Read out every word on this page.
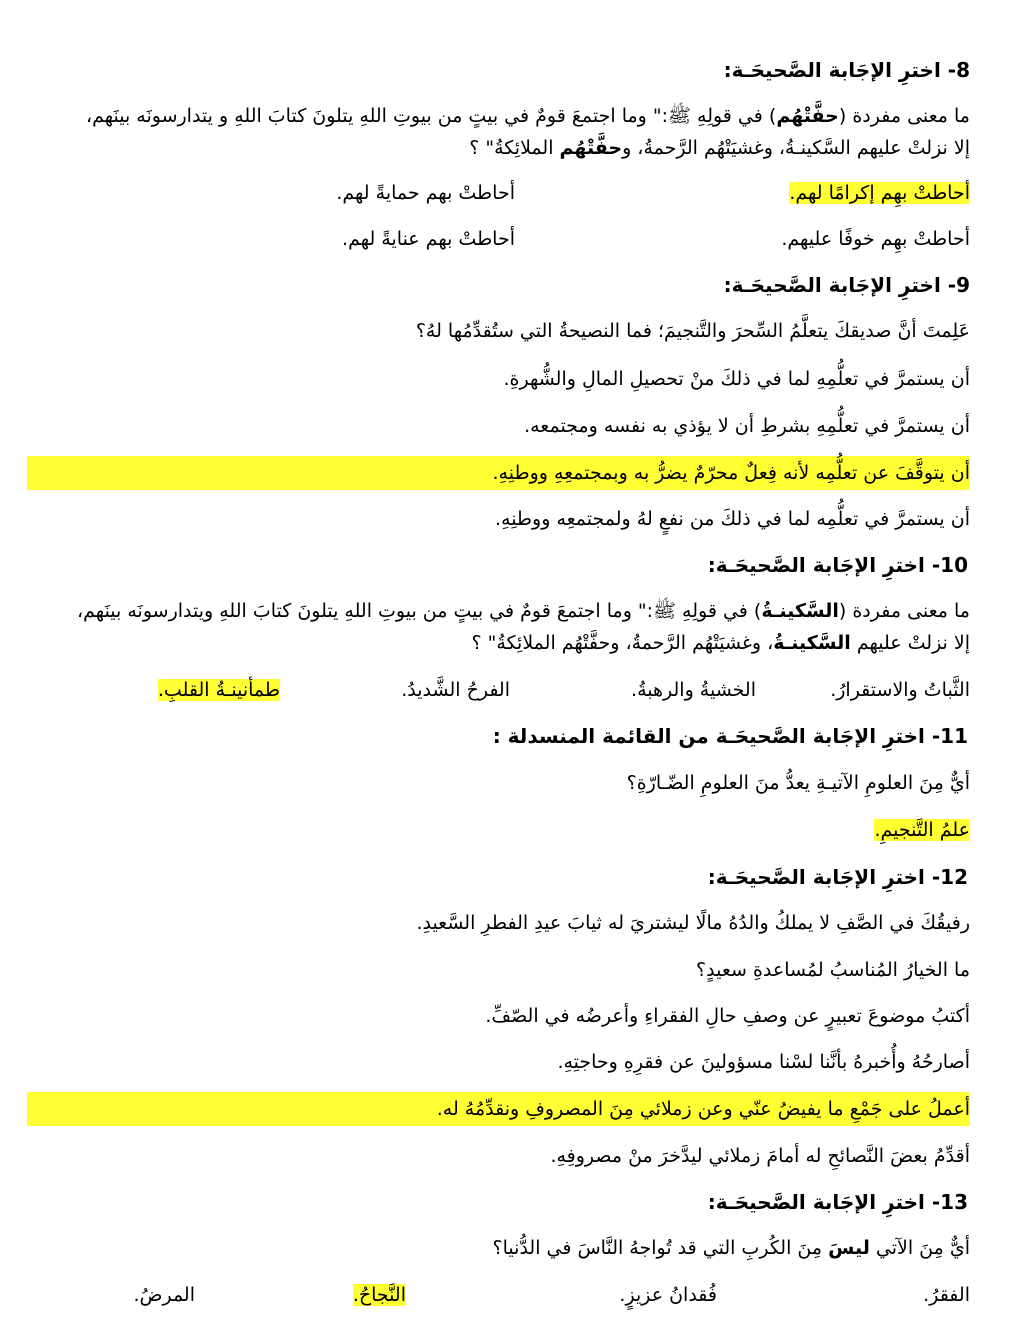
8- اخترِ الإجَابة الصَّحيحَـة:
ما معنى مفردة (حفَّتْهُم) في قولِهِ ﷺ:" وما اجتمعَ قومٌ في بيتٍ من بيوتِ اللهِ يتلونَ كتابَ اللهِ و يتدارسونَه بينَهم،
إلا نزلتْ عليهم السَّكينـةُ، وغشيَتْهُم الرَّحمةُ، وحفَّتْهُم الملائِكةُ" ؟
أحاطتْ بهِم إكرامًا لهم.
أحاطتْ بهم حمايةً لهم.
أحاطتْ بهِم خوفًا عليهم.
أحاطتْ بهم عنايةً لهم.
9- اخترِ الإجَابة الصَّحيحَـة:
عَلِمتَ أنَّ صديقكَ يتعلَّمُ السِّحرَ والتَّنجيمَ؛ فما النصيحةُ التي ستُقدِّمُها لهُ؟
أن يستمرَّ في تعلُّمِهِ لما في ذلكَ منْ تحصيلِ المالِ والشُّهرةِ.
أن يستمرَّ في تعلُّمِهِ بشرطِ أن لا يؤذي به نفسه ومجتمعه.
أن يتوقَّفَ عن تعلُّمِه لأنه فِعلٌ محرّمٌ يضرُّ به وبمجتمعِهِ ووطنِهِ.
أن يستمرَّ في تعلُّمِه لما في ذلكَ من نفعٍ لهُ ولمجتمعِه ووطنِهِ.
10- اخترِ الإجَابة الصَّحيحَـة:
ما معنى مفردة (السَّكينـةُ) في قولِهِ ﷺ:" وما اجتمعَ قومٌ في بيتٍ من بيوتِ اللهِ يتلونَ كتابَ اللهِ ويتدارسونَه بينَهم،
إلا نزلتْ عليهم السَّكينـةُ، وغشيَتْهُم الرَّحمةُ، وحفَّتْهُم الملائِكةُ" ؟
الثَّباتُ والاستقرارُ.
الخشيةُ والرهبةُ.
الفرحُ الشَّديدُ.
طمأنينـةُ القلبِ.
11- اخترِ الإجَابة الصَّحيحَـة من القائمة المنسدلة :
أيٌّ مِنَ العلومِ الآتيـةِ يعدُّ منَ العلومِ الضّـارّةِ؟
علمُ التَّنجيمِ.
12- اخترِ الإجَابة الصَّحيحَـة:
رفيقُكَ في الصَّفِ لا يملكُ والدُهُ مالًا ليشتريَ له ثيابَ عيدِ الفطرِ السَّعيدِ.
ما الخيارُ المُناسبُ لمُساعدةِ سعيدٍ؟
أكتبُ موضوعَ تعبيرٍ عن وصفِ حالِ الفقراءِ وأعرضُه في الصّفِّ.
أصارحُهُ وأُخبرهُ بأنَّنا لسْنا مسؤولينَ عن فقرِهِ وحاجتِهِ.
أعملُ على جَمْعِ ما يفيضُ عنّي وعن زملائي مِنَ المصروفِ ونقدِّمُهُ له.
أقدِّمُ بعضَ النَّصائحِ له أمامَ زملائي ليدَّخرَ منْ مصروفِهِ.
13- اخترِ الإجَابة الصَّحيحَـة:
أيٌّ مِنَ الآتي ليسَ مِنَ الكُربِ التي قد تُواجهُ النَّاسَ في الدُّنيا؟
الفقرُ.
فُقدانُ عزيزٍ.
النَّجاحُ.
المرضُ.
